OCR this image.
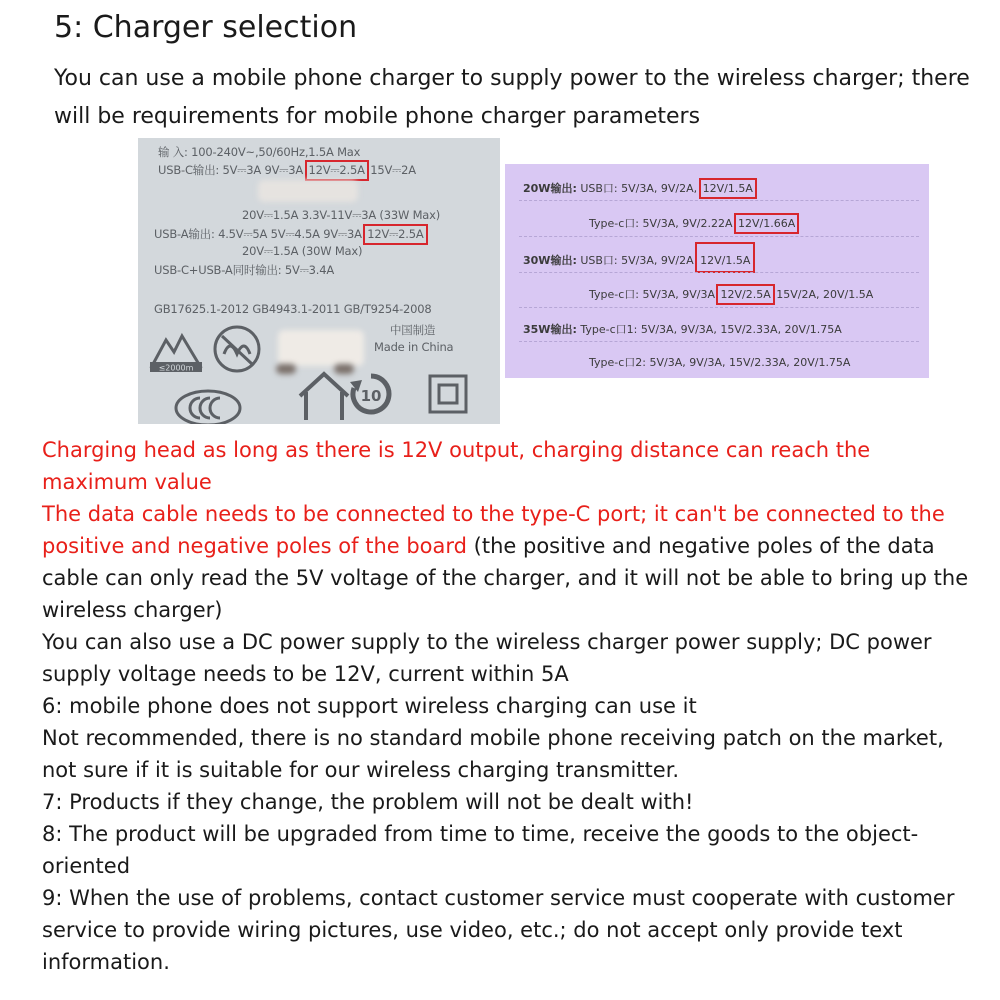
5: Charger selection

You can use a mobile phone charger to supply power to the wireless charger; there will be requirements for mobile phone charger parameters

输 入: 100-240V~,50/60Hz,1.5A Max
USB-C输出: 5V⎓3A 9V⎓3A 12V⎓2.5A 15V⎓2A
20V⎓1.5A 3.3V-11V⎓3A (33W Max)
USB-A输出: 4.5V⎓5A 5V⎓4.5A 9V⎓3A 12V⎓2.5A
20V⎓1.5A (30W Max)
USB-C+USB-A同时输出: 5V⎓3.4A
GB17625.1-2012 GB4943.1-2011 GB/T9254-2008
中国制造
Made in China
≤2000m
10
20W输出: USB口: 5V/3A, 9V/2A, 12V/1.5A
Type-c口: 5V/3A, 9V/2.22A 12V/1.66A
30W输出: USB口: 5V/3A, 9V/2A 12V/1.5A
Type-c口: 5V/3A, 9V/3A 12V/2.5A 15V/2A, 20V/1.5A
35W输出: Type-c口1: 5V/3A, 9V/3A, 15V/2.33A, 20V/1.75A
Type-c口2: 5V/3A, 9V/3A, 15V/2.33A, 20V/1.75A

Charging head as long as there is 12V output, charging distance can reach the maximum value

The data cable needs to be connected to the type-C port; it can't be connected to the positive and negative poles of the board (the positive and negative poles of the data cable can only read the 5V voltage of the charger, and it will not be able to bring up the wireless charger)

You can also use a DC power supply to the wireless charger power supply; DC power supply voltage needs to be 12V, current within 5A

6: mobile phone does not support wireless charging can use it

Not recommended, there is no standard mobile phone receiving patch on the market, not sure if it is suitable for our wireless charging transmitter.

7: Products if they change, the problem will not be dealt with!

8: The product will be upgraded from time to time, receive the goods to the object-oriented

9: When the use of problems, contact customer service must cooperate with customer service to provide wiring pictures, use video, etc.; do not accept only provide text information.
